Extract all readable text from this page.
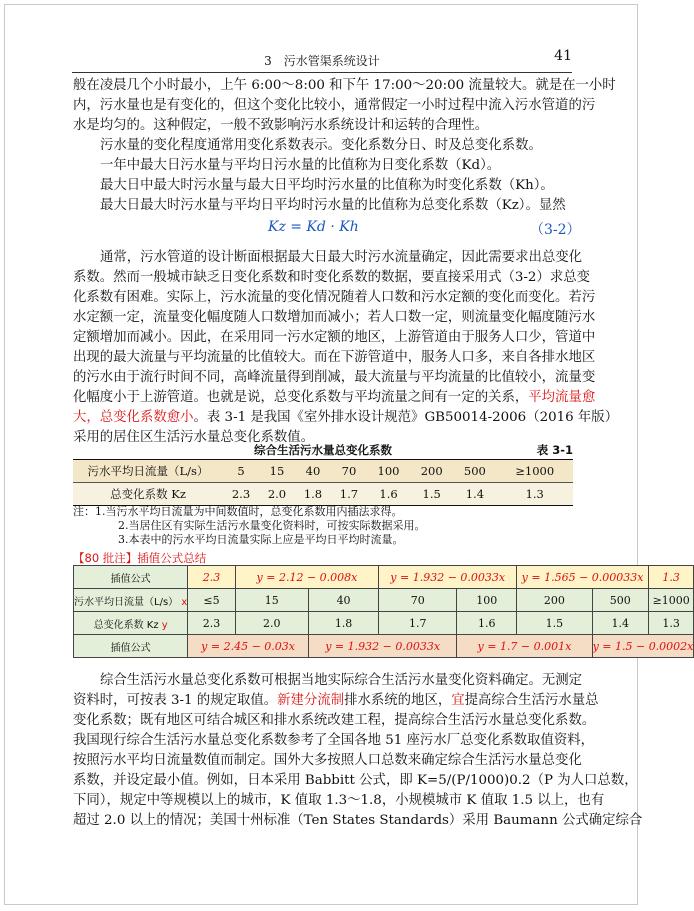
3　污水管渠系统设计	41
般在凌晨几个小时最小，上午 6:00～8:00 和下午 17:00～20:00 流量较大。就是在一小时
内，污水量也是有变化的，但这个变化比较小，通常假定一小时过程中流入污水管道的污
水是均匀的。这种假定，一般不致影响污水系统设计和运转的合理性。
污水量的变化程度通常用变化系数表示。变化系数分日、时及总变化系数。
一年中最大日污水量与平均日污水量的比值称为日变化系数（Kd）。
最大日中最大时污水量与最大日平均时污水量的比值称为时变化系数（Kh）。
最大日最大时污水量与平均日平均时污水量的比值称为总变化系数（Kz）。显然
Kz = Kd · Kh	（3-2）
通常，污水管道的设计断面根据最大日最大时污水流量确定，因此需要求出总变化
系数。然而一般城市缺乏日变化系数和时变化系数的数据，要直接采用式（3-2）求总变
化系数有困难。实际上，污水流量的变化情况随着人口数和污水定额的变化而变化。若污
水定额一定，流量变化幅度随人口数增加而减小；若人口数一定，则流量变化幅度随污水
定额增加而减小。因此，在采用同一污水定额的地区，上游管道由于服务人口少，管道中
出现的最大流量与平均流量的比值较大。而在下游管道中，服务人口多，来自各排水地区
的污水由于流行时间不同，高峰流量得到削减，最大流量与平均流量的比值较小，流量变
化幅度小于上游管道。也就是说，总变化系数与平均流量之间有一定的关系，平均流量愈
大，总变化系数愈小。表 3-1 是我国《室外排水设计规范》GB50014-2006（2016 年版）
采用的居住区生活污水量总变化系数值。
综合生活污水量总变化系数	表 3-1
污水平均日流量（L/s）	5	15	40	70	100	200	500	≥1000
总变化系数 Kz	2.3	2.0	1.8	1.7	1.6	1.5	1.4	1.3
注：1.当污水平均日流量为中间数值时，总变化系数用内插法求得。
2.当居住区有实际生活污水量变化资料时，可按实际数据采用。
3.本表中的污水平均日流量实际上应是平均日平均时流量。
【80 批注】插值公式总结
插值公式	2.3	y = 2.12 − 0.008x		y = 1.932 − 0.0033x		y = 1.565 − 0.00033x		1.3
污水平均日流量（L/s） x	≤5	15	40	70	100	200	500	≥1000
总变化系数 Kz y	2.3	2.0	1.8	1.7	1.6	1.5	1.4	1.3
插值公式	y = 2.45 − 0.03x		y = 1.932 − 0.0033x		y = 1.7 − 0.001x		y = 1.5 − 0.0002x	
综合生活污水量总变化系数可根据当地实际综合生活污水量变化资料确定。无测定
资料时，可按表 3-1 的规定取值。新建分流制排水系统的地区，宜提高综合生活污水量总
变化系数；既有地区可结合城区和排水系统改建工程，提高综合生活污水量总变化系数。
我国现行综合生活污水量总变化系数参考了全国各地 51 座污水厂总变化系数取值资料，
按照污水平均日流量数值而制定。国外大多按照人口总数来确定综合生活污水量总变化
系数，并设定最小值。例如，日本采用 Babbitt 公式，即 K=5/(P/1000)0.2（P 为人口总数，
下同），规定中等规模以上的城市，K 值取 1.3～1.8，小规模城市 K 值取 1.5 以上，也有
超过 2.0 以上的情况；美国十州标准（Ten States Standards）采用 Baumann 公式确定综合
